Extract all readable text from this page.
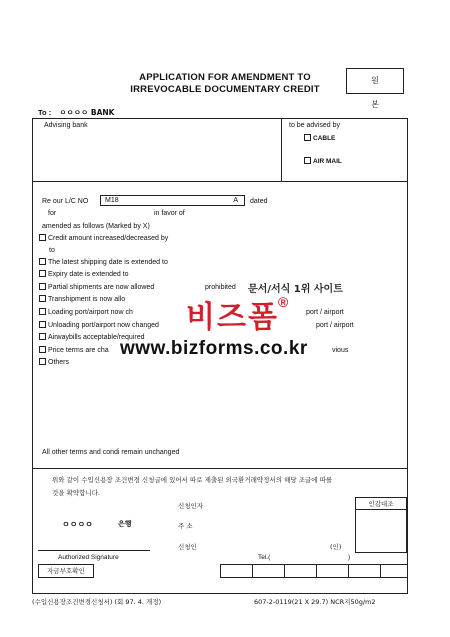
APPLICATION FOR AMENDMENT TO
IRREVOCABLE DOCUMENTARY CREDIT
원 본
To : ㅇㅇㅇㅇ BANK
Advising bank	to be advised by
CABLE
AIR MAIL
Re our L/C NO	M18	A dated
for	in favor of
amended as follows (Marked by X)
Credit amount increased/decreased by
to
The latest shipping date is extended to
Expiry date is extended to
Partial shipments are now allowed	prohibited
Transhipment is now allo
Loading port/airport now ch	port / airport
Unloading port/airport now changed	port / airport
Airwaybills acceptable/required
Price terms are cha	vious
Others
문서/서식 1위 사이트
비즈폼 ®
www.bizforms.co.kr
All other terms and condi remain unchanged
위와 같이 수입신용장 조건변경 신청글에 있어서 따로 제출된 외국환거래약정서의 해당 조글에 따를
것을 확약합니다.
신청인자
주 소
신청인	(인)
인감대조
ㅇㅇㅇㅇ	은행
Authorized Signature	Tel.(	)
자금부호확인
(수입신용장조건변경신청서) (회 97. 4. 개정)	607-2-0119(21 X 29.7) NCR지50g/m2
